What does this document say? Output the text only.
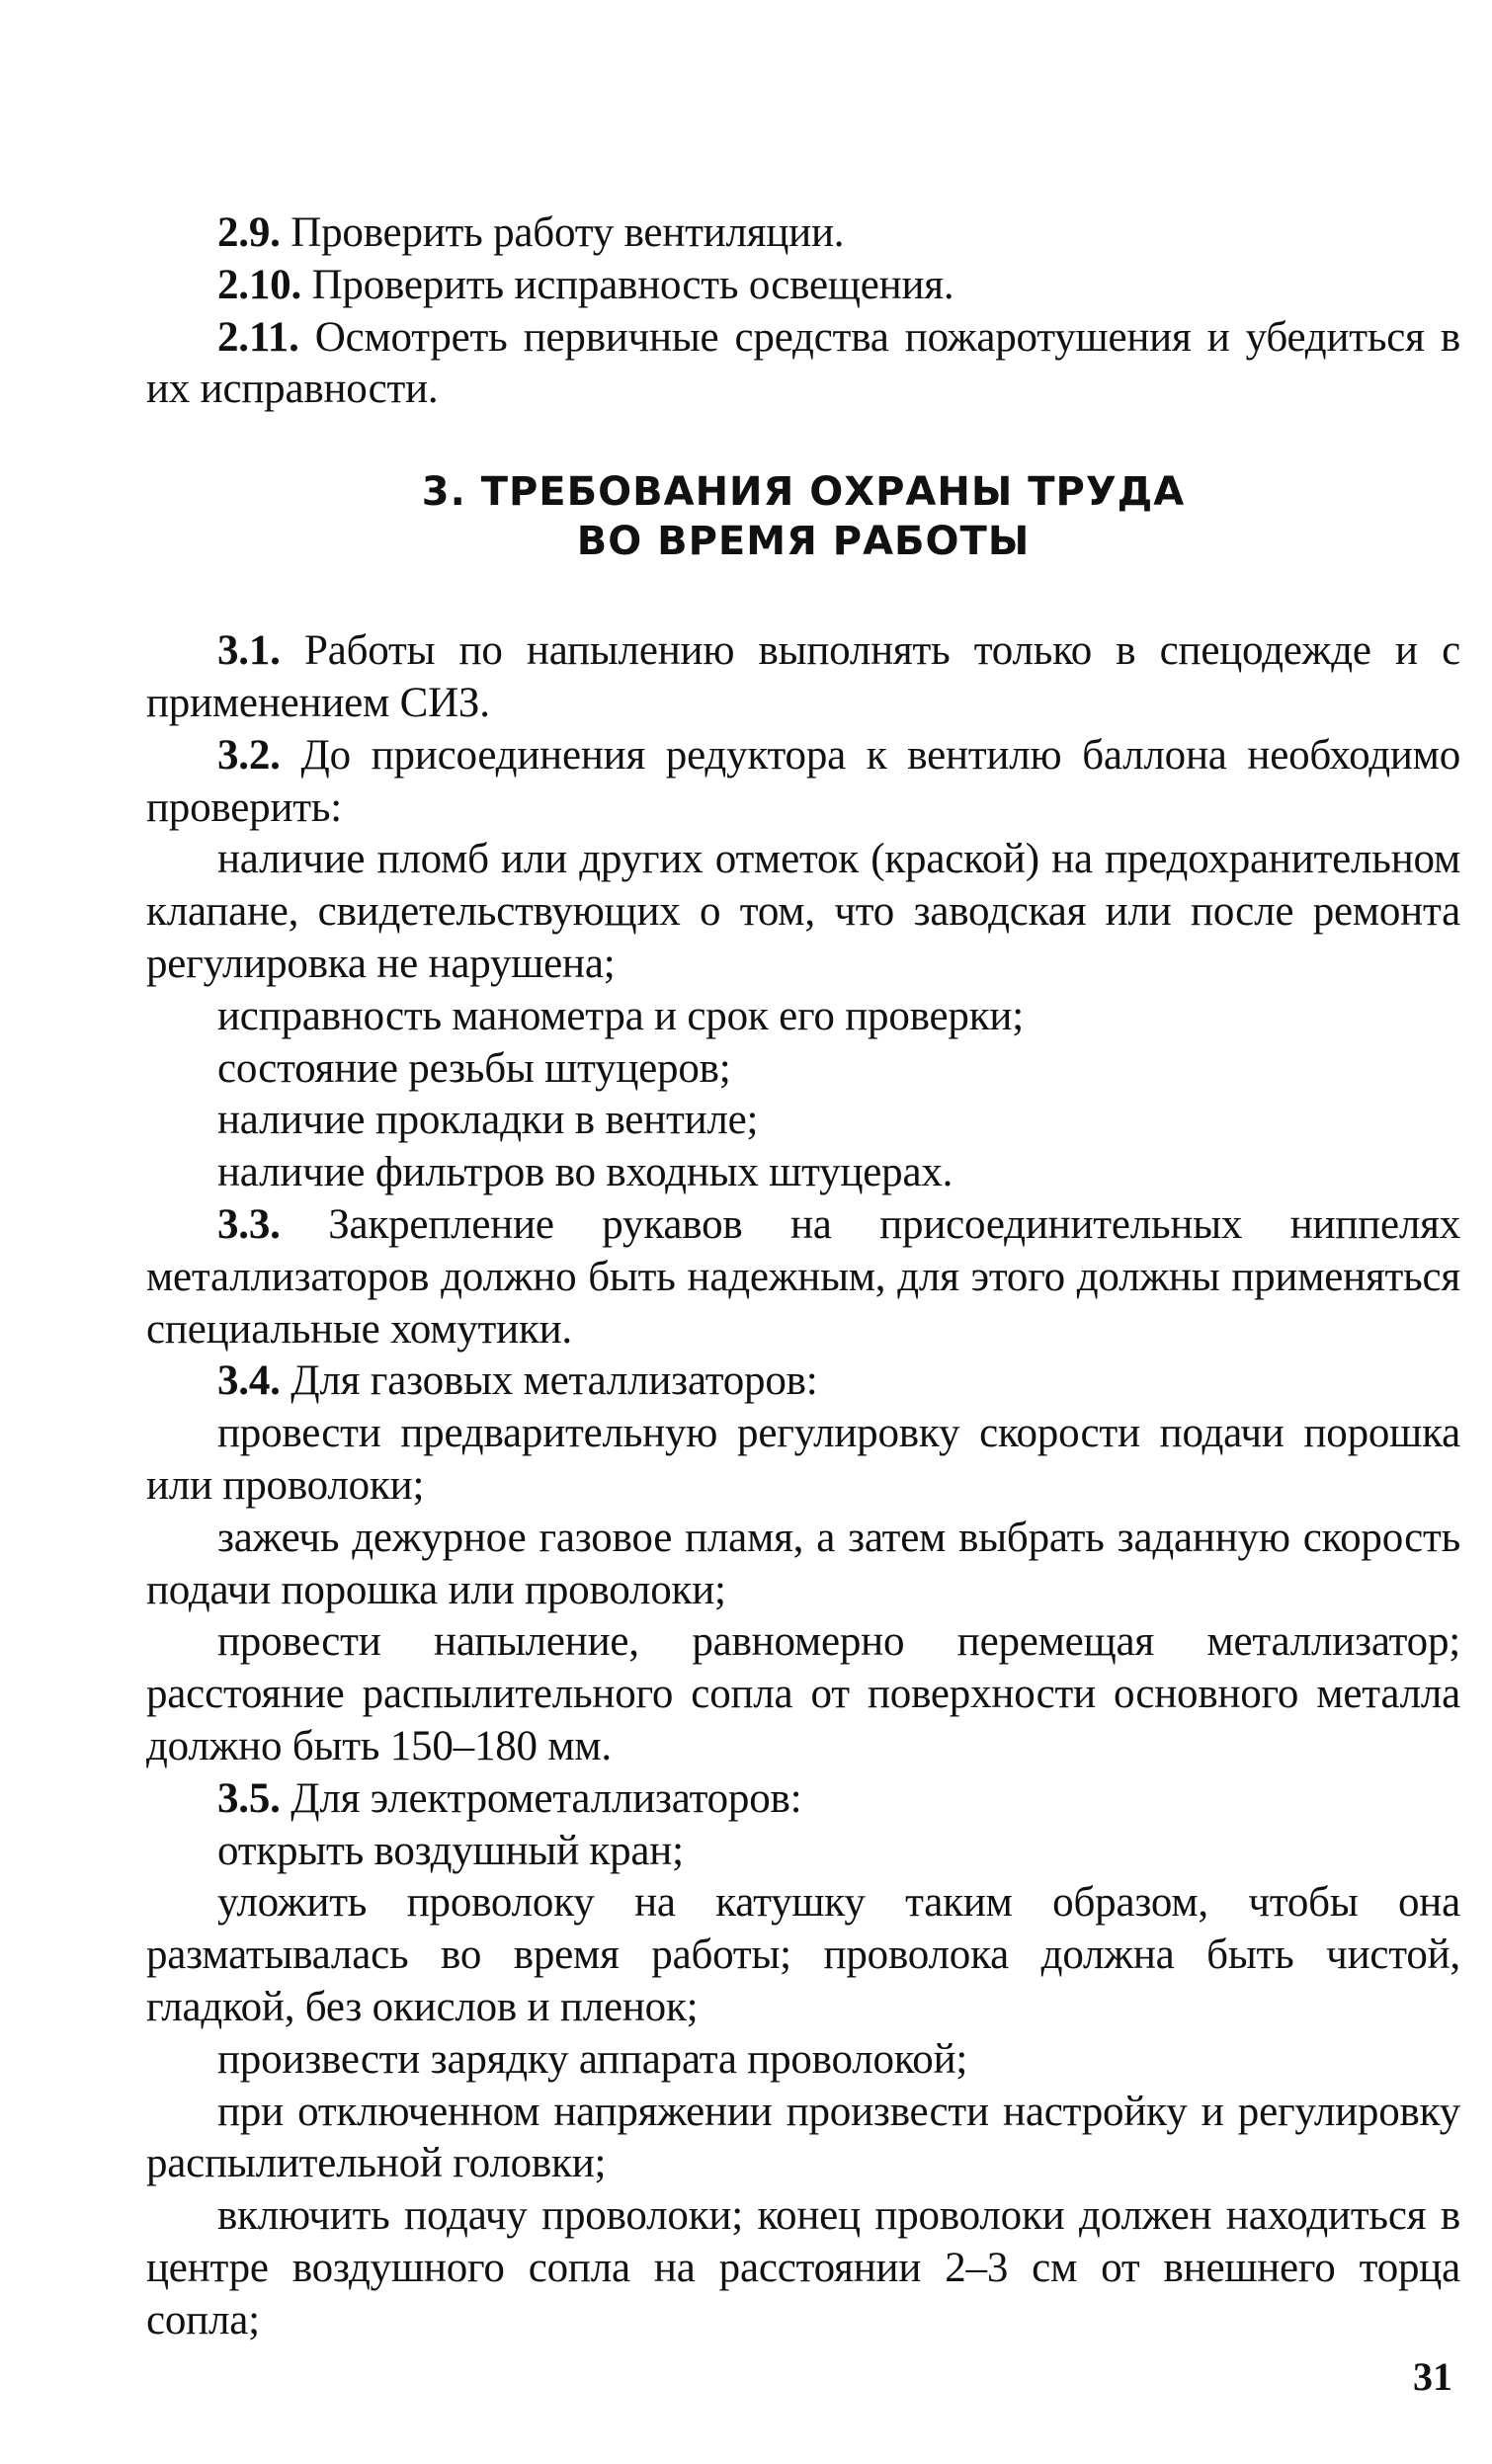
2.9. Проверить работу вентиляции.

2.10. Проверить исправность освещения.

2.11. Осмотреть первичные средства пожаротушения и убедиться в их исправности.

3. ТРЕБОВАНИЯ ОХРАНЫ ТРУДА
ВО ВРЕМЯ РАБОТЫ

3.1. Работы по напылению выполнять только в спецодежде и с применением СИЗ.

3.2. До присоединения редуктора к вентилю баллона необходимо проверить:

наличие пломб или других отметок (краской) на предохранительном клапане, свидетельствующих о том, что заводская или после ремонта регулировка не нарушена;

исправность манометра и срок его проверки;

состояние резьбы штуцеров;

наличие прокладки в вентиле;

наличие фильтров во входных штуцерах.

3.3. Закрепление рукавов на присоединительных ниппелях металлизаторов должно быть надежным, для этого должны применяться специальные хомутики.

3.4. Для газовых металлизаторов:

провести предварительную регулировку скорости подачи порошка или проволоки;

зажечь дежурное газовое пламя, а затем выбрать заданную скорость подачи порошка или проволоки;

провести напыление, равномерно перемещая металлизатор; расстояние распылительного сопла от поверхности основного металла должно быть 150–180 мм.

3.5. Для электрометаллизаторов:

открыть воздушный кран;

уложить проволоку на катушку таким образом, чтобы она разматывалась во время работы; проволока должна быть чистой, гладкой, без окислов и пленок;

произвести зарядку аппарата проволокой;

при отключенном напряжении произвести настройку и регулировку распылительной головки;

включить подачу проволоки; конец проволоки должен находиться в центре воздушного сопла на расстоянии 2–3 см от внешнего торца сопла;

31
